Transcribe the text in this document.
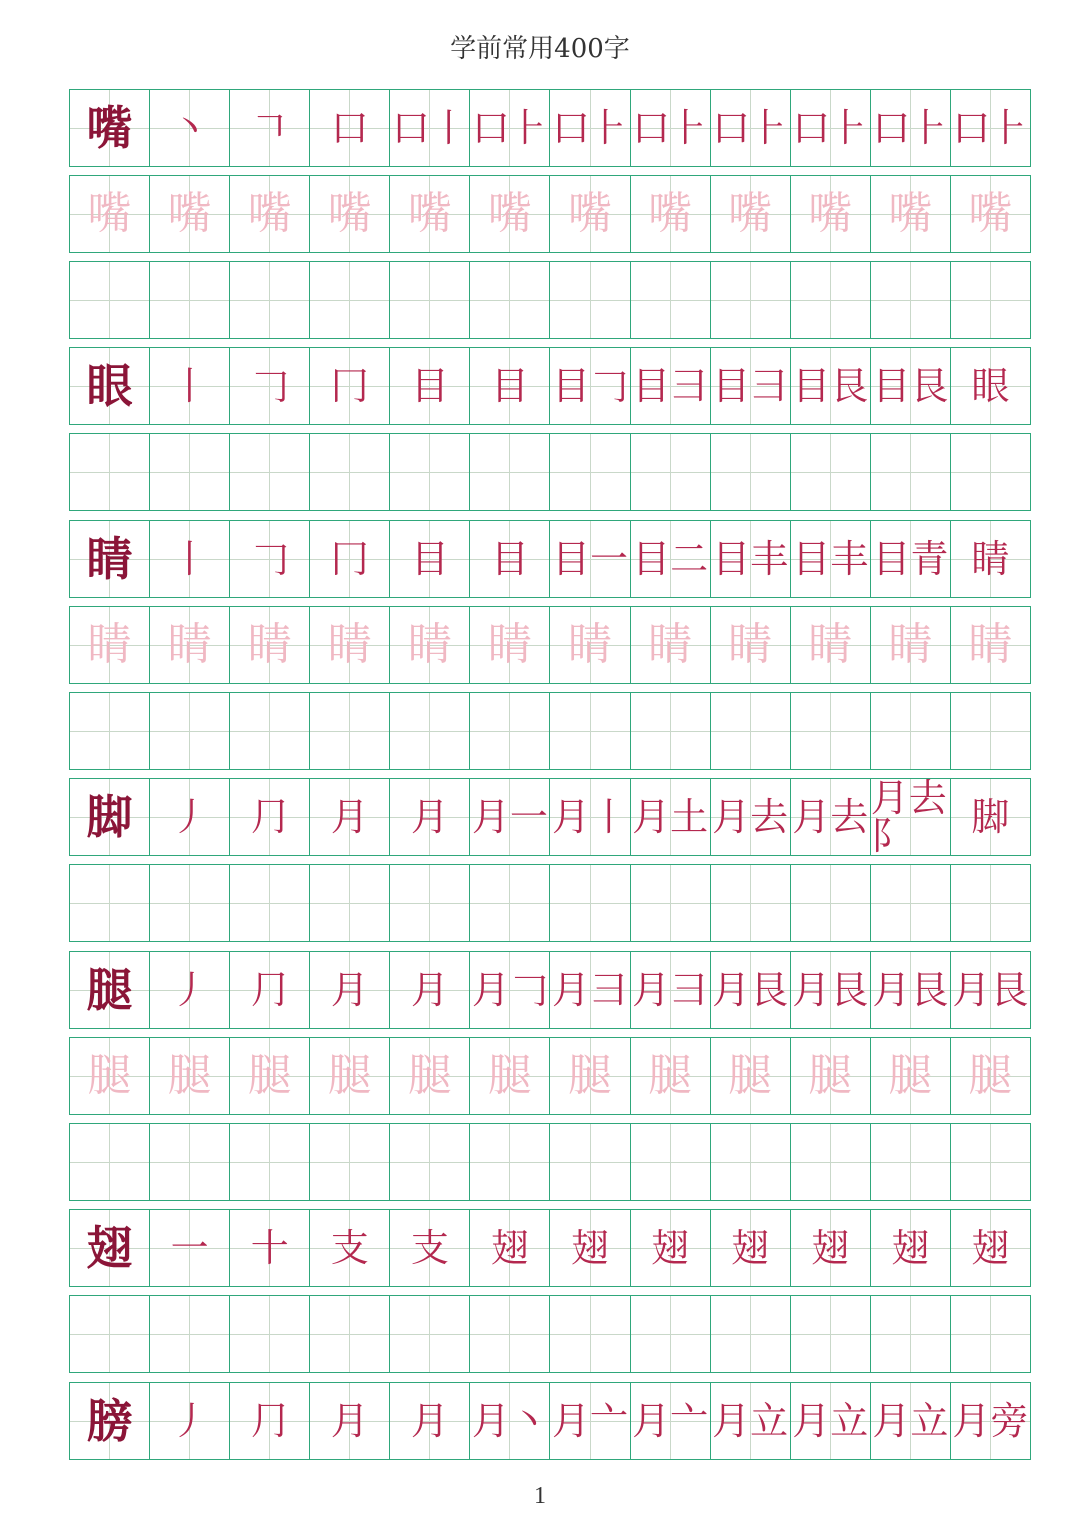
学前常用400字
嘴	丶	𠃍	口 口丨 口⺊ 口⺊ 口⺊ 口⺊ 口⺊ 口⺊ 口⺊
嘴 嘴 嘴 嘴 嘴 嘴 嘴 嘴 嘴 嘴 嘴 嘴
眼	丨	𠃌	冂	目	目 目𠃌 目彐 目彐 目艮 目艮 眼
睛	丨	𠃌	冂	目	目 目一 目二 目丰 目丰 目青 睛
睛 睛 睛 睛 睛 睛 睛 睛 睛 睛 睛 睛
脚	丿	⺆	月	月 月一 月丨 月土 月去 月去 月去阝	脚
腿	丿	⺆	月	月 月𠃌 月彐 月彐 月艮 月艮 月艮 月艮
腿 腿 腿 腿 腿 腿 腿 腿 腿 腿 腿 腿
翅	一	十	支	支	翅	翅	翅	翅	翅	翅	翅
膀	丿	⺆	月	月 月丶 月亠 月亠 月立 月立 月立 月旁
1
